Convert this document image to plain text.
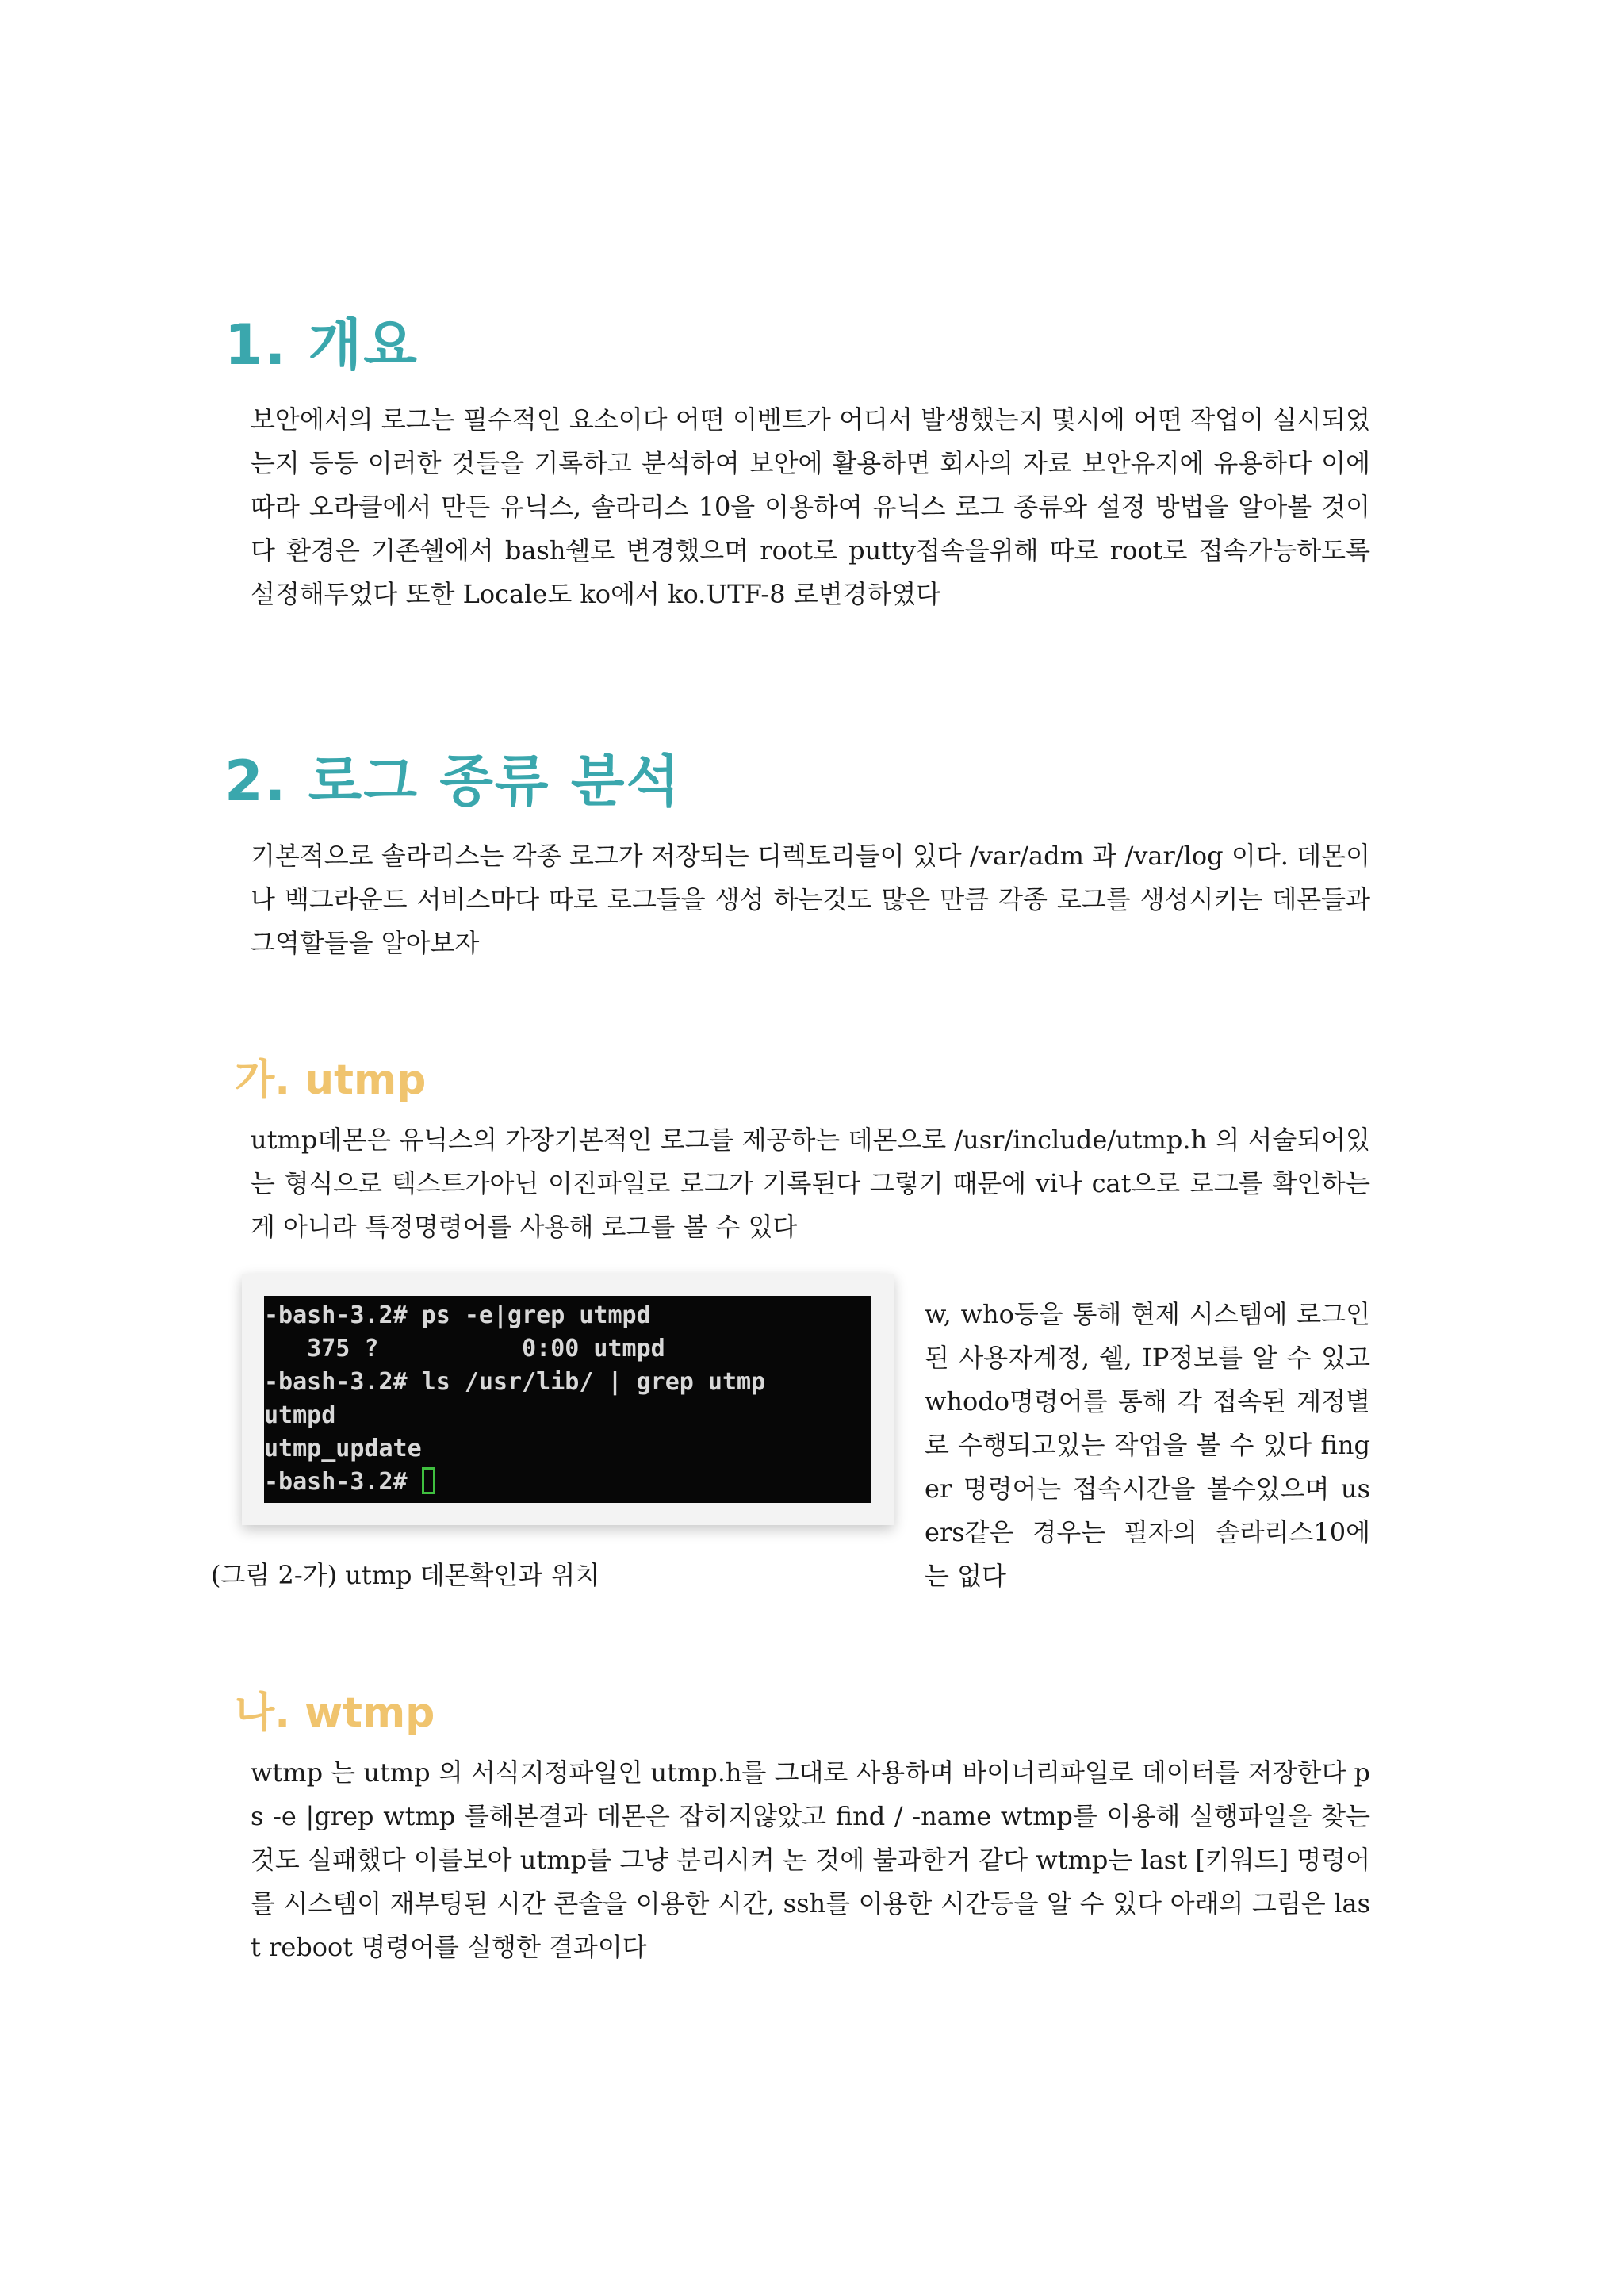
1. 개요

보안에서의 로그는 필수적인 요소이다 어떤 이벤트가 어디서 발생했는지 몇시에 어떤 작업이 실시되었는지 등등 이러한 것들을 기록하고 분석하여 보안에 활용하면 회사의 자료 보안유지에 유용하다 이에 따라 오라클에서 만든 유닉스, 솔라리스 10을 이용하여 유닉스 로그 종류와 설정 방법을 알아볼 것이다 환경은 기존쉘에서 bash쉘로 변경했으며 root로 putty접속을위해 따로 root로 접속가능하도록 설정해두었다 또한 Locale도 ko에서 ko.UTF-8 로변경하였다

2. 로그 종류 분석

기본적으로 솔라리스는 각종 로그가 저장되는 디렉토리들이 있다 /var/adm 과 /var/log 이다. 데몬이나 백그라운드 서비스마다 따로 로그들을 생성 하는것도 많은 만큼 각종 로그를 생성시키는 데몬들과 그역할들을 알아보자

가. utmp

utmp데몬은 유닉스의 가장기본적인 로그를 제공하는 데몬으로 /usr/include/utmp.h 의 서술되어있는 형식으로 텍스트가아닌 이진파일로 로그가 기록된다 그렇기 때문에 vi나 cat으로 로그를 확인하는게 아니라 특정명령어를 사용해 로그를 볼 수 있다

-bash-3.2# ps -e|grep utmpd
375 ?          0:00 utmpd
-bash-3.2# ls /usr/lib/ | grep utmp
utmpd
utmp_update
-bash-3.2#

(그림 2-가) utmp 데몬확인과 위치

w, who등을 통해 현제 시스템에 로그인된 사용자계정, 쉘, IP정보를 알 수 있고 whodo명령어를 통해 각 접속된 계정별로 수행되고있는 작업을 볼 수 있다 finger 명령어는 접속시간을 볼수있으며 users같은 경우는 필자의 솔라리스10에 는 없다

나. wtmp

wtmp 는 utmp 의 서식지정파일인 utmp.h를 그대로 사용하며 바이너리파일로 데이터를 저장한다 ps -e |grep wtmp 를해본결과 데몬은 잡히지않았고 find / -name wtmp를 이용해 실행파일을 찾는것도 실패했다 이를보아 utmp를 그냥 분리시켜 논 것에 불과한거 같다 wtmp는 last [키워드] 명령어를 시스템이 재부팅된 시간 콘솔을 이용한 시간, ssh를 이용한 시간등을 알 수 있다 아래의 그림은 last reboot 명령어를 실행한 결과이다
